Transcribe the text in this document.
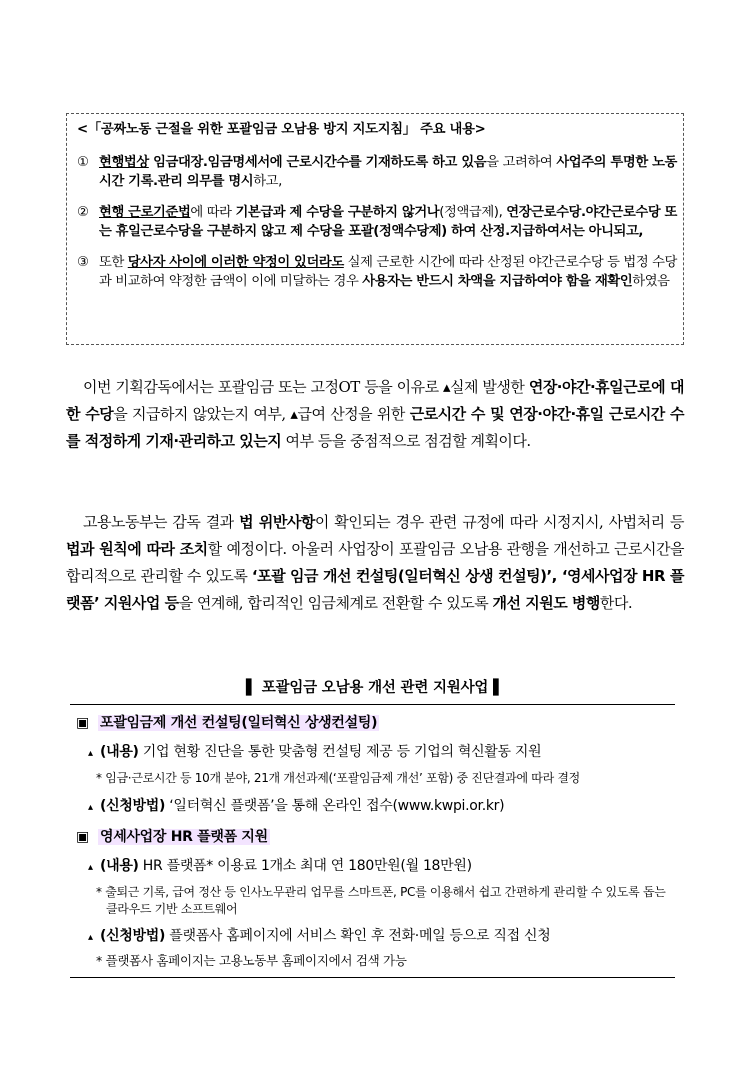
<「공짜노동 근절을 위한 포괄임금 오남용 방지 지도지침」 주요 내용>
① 현행법상 임금대장.임금명세서에 근로시간수를 기재하도록 하고 있음을 고려하여 사업주의 투명한 노동시간 기록.관리 의무를 명시하고,
② 현행 근로기준법에 따라 기본급과 제 수당을 구분하지 않거나(정액급제), 연장근로수당.야간근로수당 또는 휴일근로수당을 구분하지 않고 제 수당을 포괄(정액수당제) 하여 산정.지급하여서는 아니되고,
③ 또한 당사자 사이에 이러한 약정이 있더라도 실제 근로한 시간에 따라 산정된 야간근로수당 등 법정 수당과 비교하여 약정한 금액이 이에 미달하는 경우 사용자는 반드시 차액을 지급하여야 함을 재확인하였음
이번 기획감독에서는 포괄임금 또는 고정OT 등을 이유로 ▴실제 발생한 연장·야간·휴일근로에 대한 수당을 지급하지 않았는지 여부, ▴급여 산정을 위한 근로시간 수 및 연장·야간·휴일 근로시간 수를 적정하게 기재·관리하고 있는지 여부 등을 중점적으로 점검할 계획이다.
고용노동부는 감독 결과 법 위반사항이 확인되는 경우 관련 규정에 따라 시정지시, 사법처리 등 법과 원칙에 따라 조치할 예정이다. 아울러 사업장이 포괄임금 오남용 관행을 개선하고 근로시간을 합리적으로 관리할 수 있도록 ‘포괄 임금 개선 컨설팅(일터혁신 상생 컨설팅)’, ‘영세사업장 HR 플랫폼’ 지원사업 등을 연계해, 합리적인 임금체계로 전환할 수 있도록 개선 지원도 병행한다.
▌ 포괄임금 오남용 개선 관련 지원사업 ▌
▣ 포괄임금제 개선 컨설팅(일터혁신 상생컨설팅)
▴ (내용) 기업 현황 진단을 통한 맞춤형 컨설팅 제공 등 기업의 혁신활동 지원
* 임금·근로시간 등 10개 분야, 21개 개선과제(‘포괄임금제 개선’ 포함) 중 진단결과에 따라 결정
▴ (신청방법) ‘일터혁신 플랫폼’을 통해 온라인 접수(www.kwpi.or.kr)
▣ 영세사업장 HR 플랫폼 지원
▴ (내용) HR 플랫폼* 이용료 1개소 최대 연 180만원(월 18만원)
* 출퇴근 기록, 급여 정산 등 인사노무관리 업무를 스마트폰, PC를 이용해서 쉽고 간편하게 관리할 수 있도록 돕는 클라우드 기반 소프트웨어
▴ (신청방법) 플랫폼사 홈페이지에 서비스 확인 후 전화·메일 등으로 직접 신청
* 플랫폼사 홈페이지는 고용노동부 홈페이지에서 검색 가능
